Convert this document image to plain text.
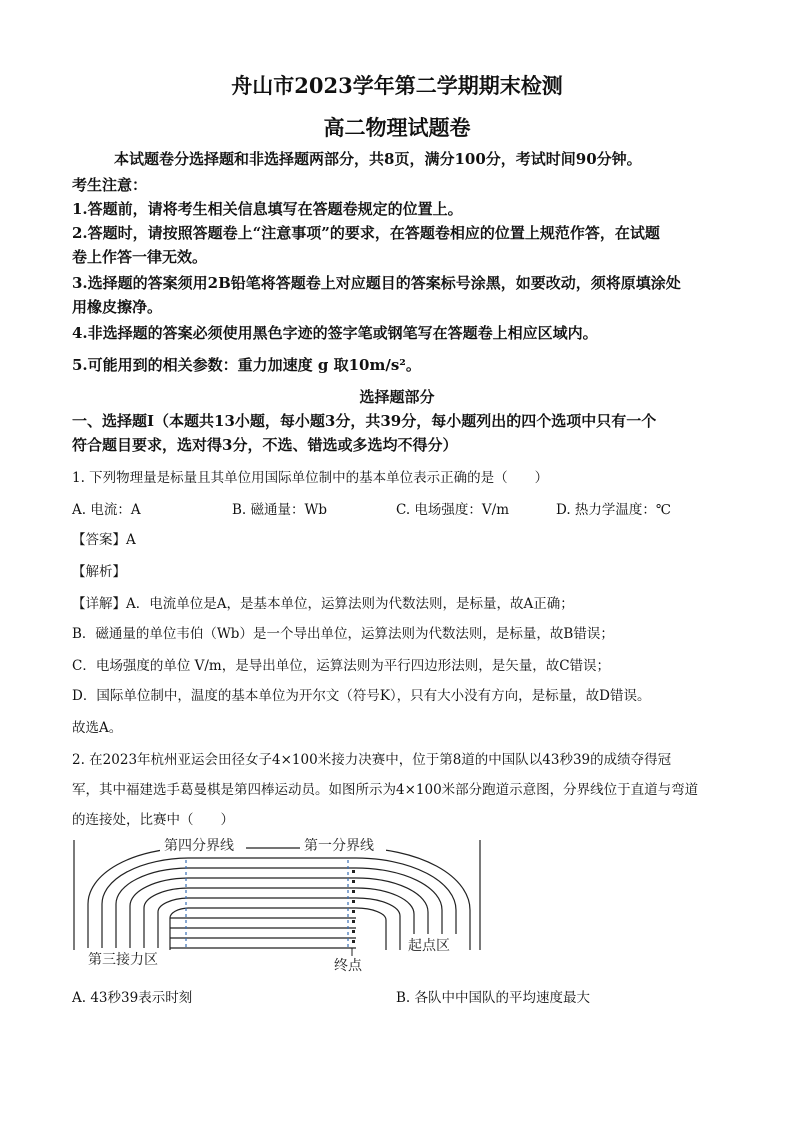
舟山市2023学年第二学期期末检测
高二物理试题卷
本试题卷分选择题和非选择题两部分，共8页，满分100分，考试时间90分钟。
考生注意：
1.答题前，请将考生相关信息填写在答题卷规定的位置上。
2.答题时，请按照答题卷上“注意事项”的要求，在答题卷相应的位置上规范作答，在试题
卷上作答一律无效。
3.选择题的答案须用2B铅笔将答题卷上对应题目的答案标号涂黑，如要改动，须将原填涂处
用橡皮擦净。
4.非选择题的答案必须使用黑色字迹的签字笔或钢笔写在答题卷上相应区域内。
5.可能用到的相关参数：重力加速度 g 取10m/s²。
选择题部分
一、选择题Ⅰ（本题共13小题，每小题3分，共39分，每小题列出的四个选项中只有一个
符合题目要求，选对得3分，不选、错选或多选均不得分）
1. 下列物理量是标量且其单位用国际单位制中的基本单位表示正确的是（　　）
A. 电流：A	B. 磁通量：Wb	C. 电场强度：V/m	D. 热力学温度：℃
【答案】A
【解析】
【详解】A．电流单位是A，是基本单位，运算法则为代数法则，是标量，故A正确；
B．磁通量的单位韦伯（Wb）是一个导出单位，运算法则为代数法则，是标量，故B错误；
C．电场强度的单位 V/m，是导出单位，运算法则为平行四边形法则，是矢量，故C错误；
D．国际单位制中，温度的基本单位为开尔文（符号K），只有大小没有方向，是标量，故D错误。
故选A。
2. 在2023年杭州亚运会田径女子4×100米接力决赛中，位于第8道的中国队以43秒39的成绩夺得冠
军，其中福建选手葛曼棋是第四棒运动员。如图所示为4×100米部分跑道示意图，分界线位于直道与弯道
的连接处，比赛中（　　）
第四分界线	第一分界线
第三接力区	终点
起点区
A. 43秒39表示时刻	B. 各队中中国队的平均速度最大
